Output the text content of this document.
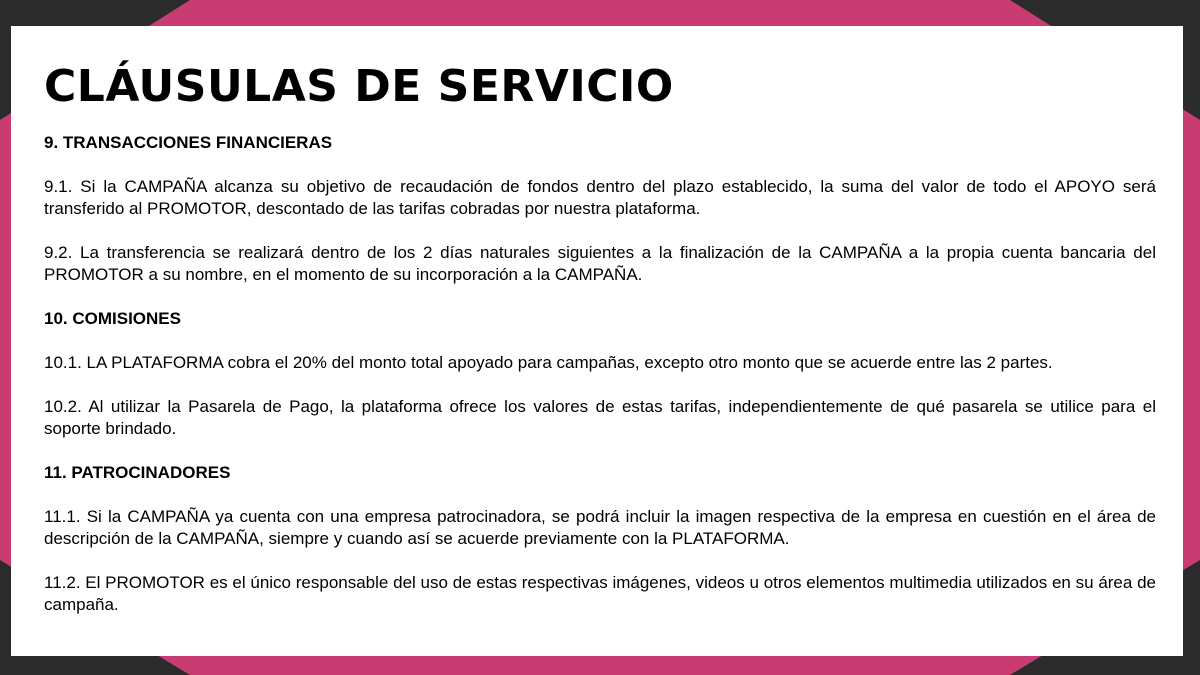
CLÁUSULAS DE SERVICIO

9. TRANSACCIONES FINANCIERAS

9.1. Si la CAMPAÑA alcanza su objetivo de recaudación de fondos dentro del plazo establecido, la suma del valor de todo el APOYO será transferido al PROMOTOR, descontado de las tarifas cobradas por nuestra plataforma.

9.2. La transferencia se realizará dentro de los 2 días naturales siguientes a la finalización de la CAMPAÑA a la propia cuenta bancaria del PROMOTOR a su nombre, en el momento de su incorporación a la CAMPAÑA.

10. COMISIONES

10.1. LA PLATAFORMA cobra el 20% del monto total apoyado para campañas, excepto otro monto que se acuerde entre las 2 partes.

10.2. Al utilizar la Pasarela de Pago, la plataforma ofrece los valores de estas tarifas, independientemente de qué pasarela se utilice para el soporte brindado.

11. PATROCINADORES

11.1. Si la CAMPAÑA ya cuenta con una empresa patrocinadora, se podrá incluir la imagen respectiva de la empresa en cuestión en el área de descripción de la CAMPAÑA, siempre y cuando así se acuerde previamente con la PLATAFORMA.

11.2. El PROMOTOR es el único responsable del uso de estas respectivas imágenes, videos u otros elementos multimedia utilizados en su área de campaña.
